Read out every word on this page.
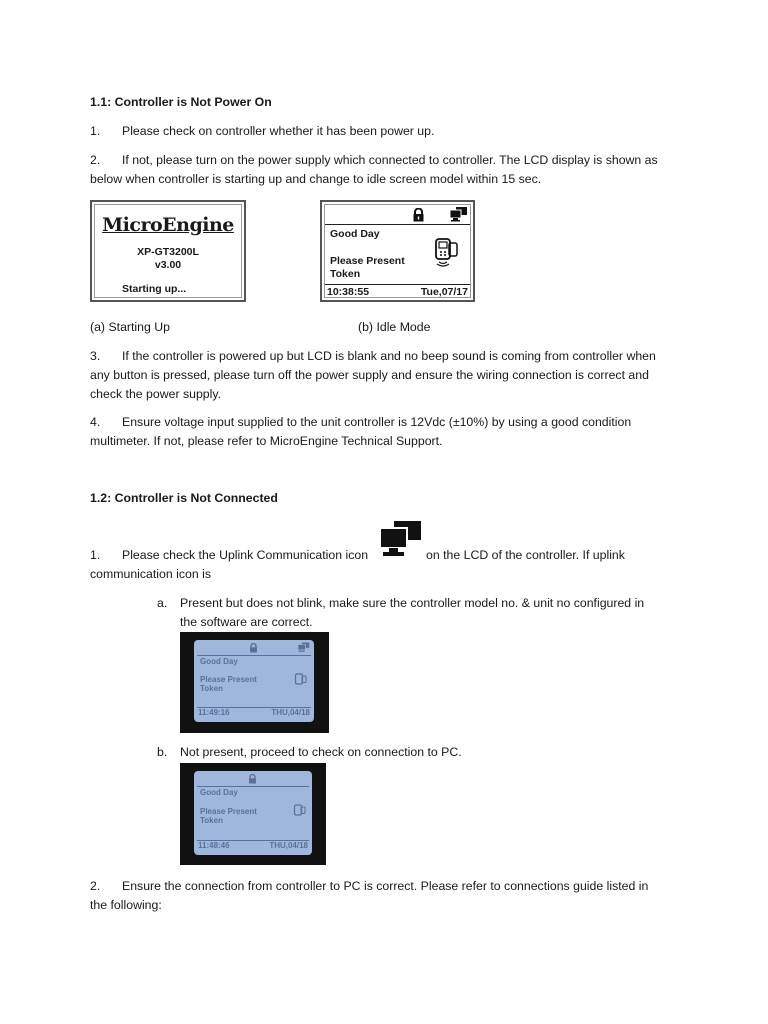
1.1: Controller is Not Power On
1. Please check on controller whether it has been power up.
2. If not, please turn on the power supply which connected to controller. The LCD display is shown as
below when controller is starting up and change to idle screen model within 15 sec.
MicroEngine
XP-GT3200L
v3.00
Starting up...
Good Day
Please Present
Token
10:38:55	Tue,07/17
(a) Starting Up	(b) Idle Mode
3. If the controller is powered up but LCD is blank and no beep sound is coming from controller when
any button is pressed, please turn off the power supply and ensure the wiring connection is correct and
check the power supply.
4. Ensure voltage input supplied to the unit controller is 12Vdc (±10%) by using a good condition
multimeter. If not, please refer to MicroEngine Technical Support.
1.2: Controller is Not Connected
1. Please check the Uplink Communication icon	on the LCD of the controller. If uplink
communication icon is
a. Present but does not blink, make sure the controller model no. & unit no configured in
the software are correct.
Good Day
Please Present
Token
11:49:16	THU,04/18
b. Not present, proceed to check on connection to PC.
Good Day
Please Present
Token
11:48:46	THU,04/18
2. Ensure the connection from controller to PC is correct. Please refer to connections guide listed in
the following:
